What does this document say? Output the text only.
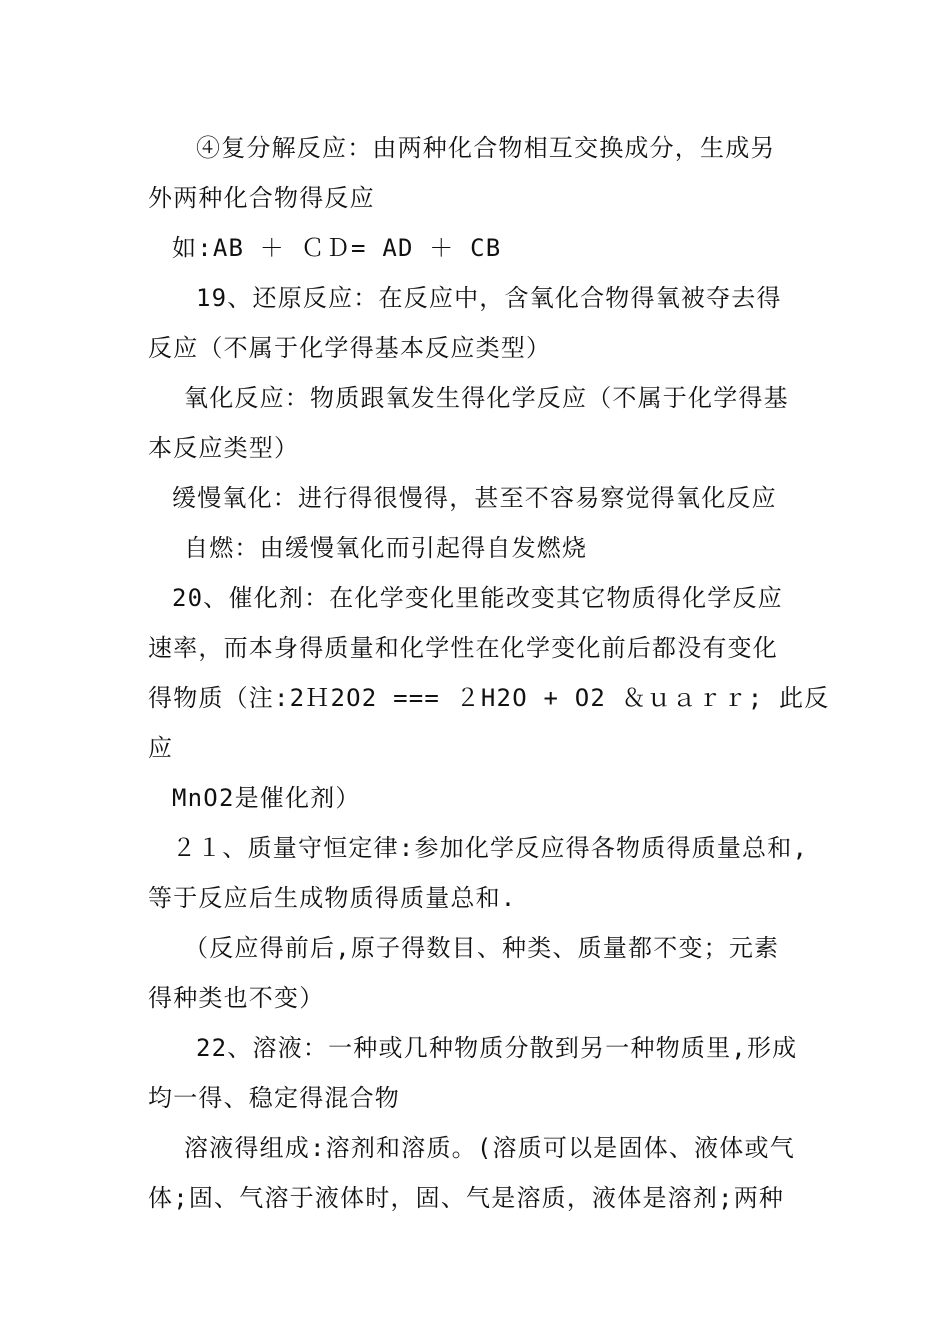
④复分解反应：由两种化合物相互交换成分，生成另

外两种化合物得反应

如:AB ＋ ＣＤ= AD ＋ CB

19、还原反应：在反应中，含氧化合物得氧被夺去得

反应（不属于化学得基本反应类型）

氧化反应：物质跟氧发生得化学反应（不属于化学得基

本反应类型）

缓慢氧化：进行得很慢得，甚至不容易察觉得氧化反应

自燃：由缓慢氧化而引起得自发燃烧

20、催化剂：在化学变化里能改变其它物质得化学反应

速率，而本身得质量和化学性在化学变化前后都没有变化

得物质（注:2Ｈ2O2 === ２H2O + O2 ＆ｕａｒｒ; 此反

应

MnO2是催化剂）

２１、质量守恒定律:参加化学反应得各物质得质量总和,

等于反应后生成物质得质量总和.

（反应得前后,原子得数目、种类、质量都不变；元素

得种类也不变）

22、溶液：一种或几种物质分散到另一种物质里,形成

均一得、稳定得混合物

溶液得组成:溶剂和溶质。(溶质可以是固体、液体或气

体;固、气溶于液体时，固、气是溶质，液体是溶剂;两种
